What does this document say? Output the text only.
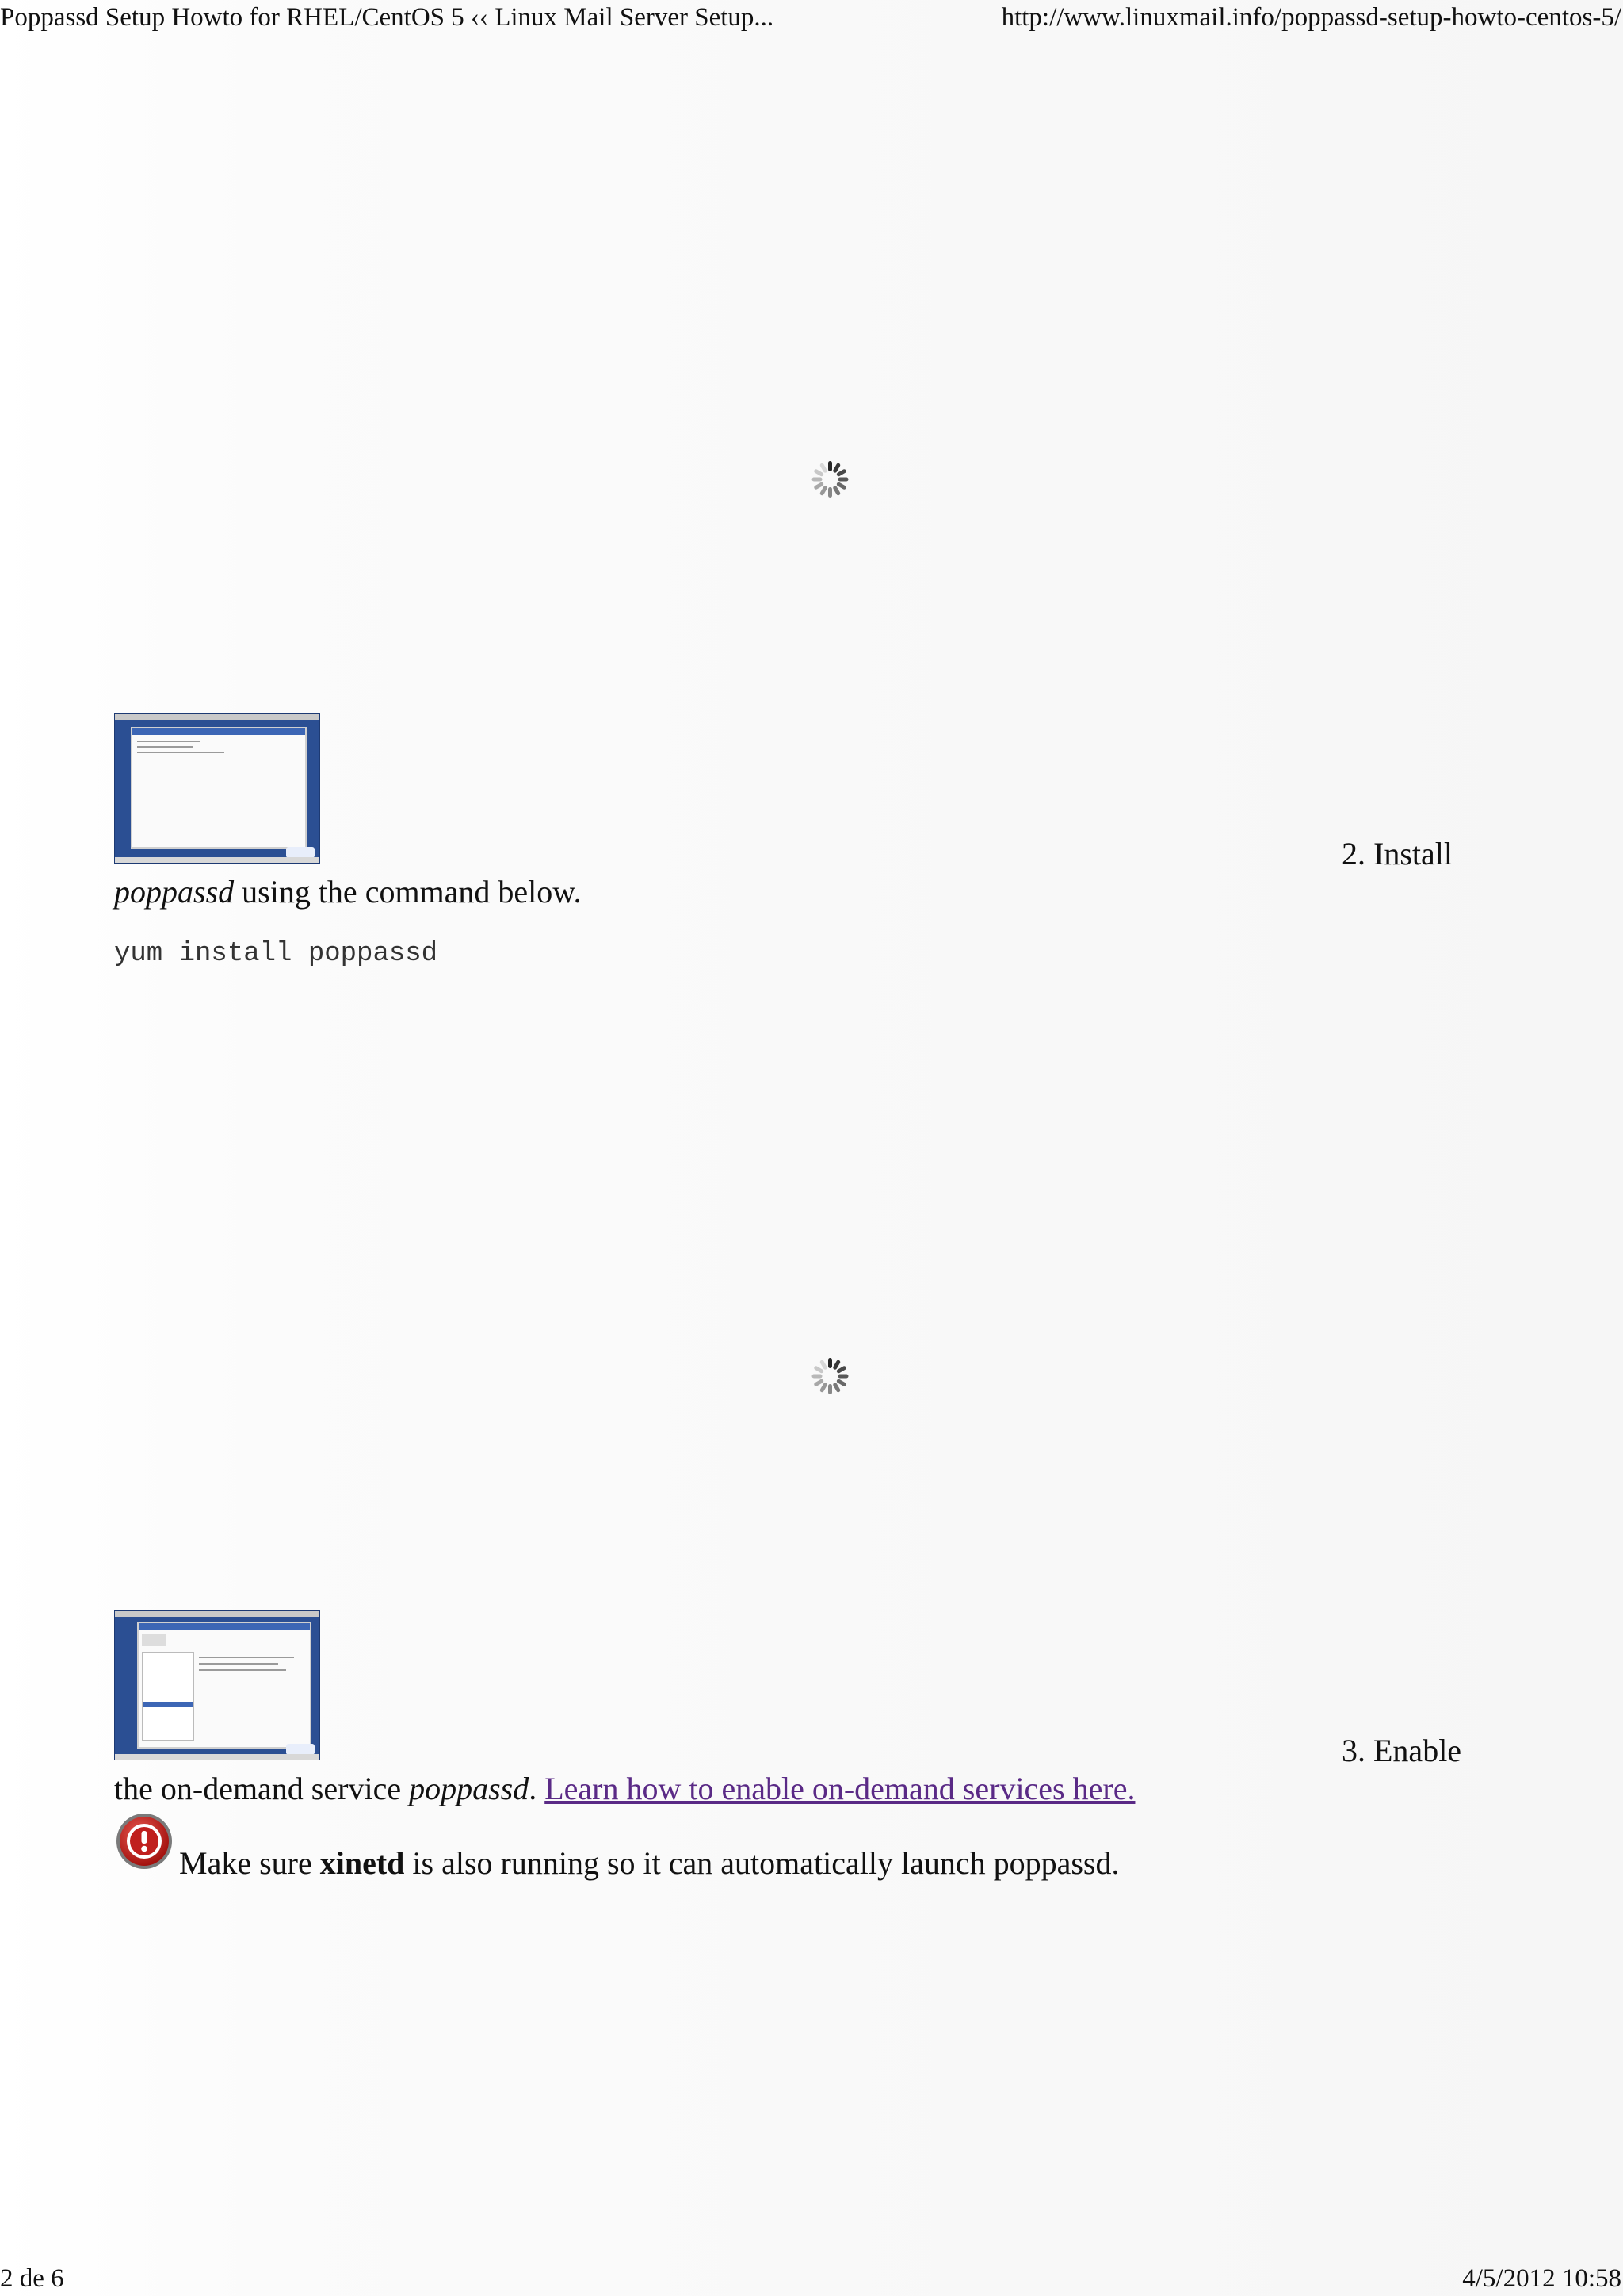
Poppassd Setup Howto for RHEL/CentOS 5 ‹‹ Linux Mail Server Setup...	http://www.linuxmail.info/poppassd-setup-howto-centos-5/
2. Install
poppassd using the command below.
yum install poppassd
3. Enable
the on-demand service poppassd. Learn how to enable on-demand services here.
Make sure xinetd is also running so it can automatically launch poppassd.
2 de 6	4/5/2012 10:58
